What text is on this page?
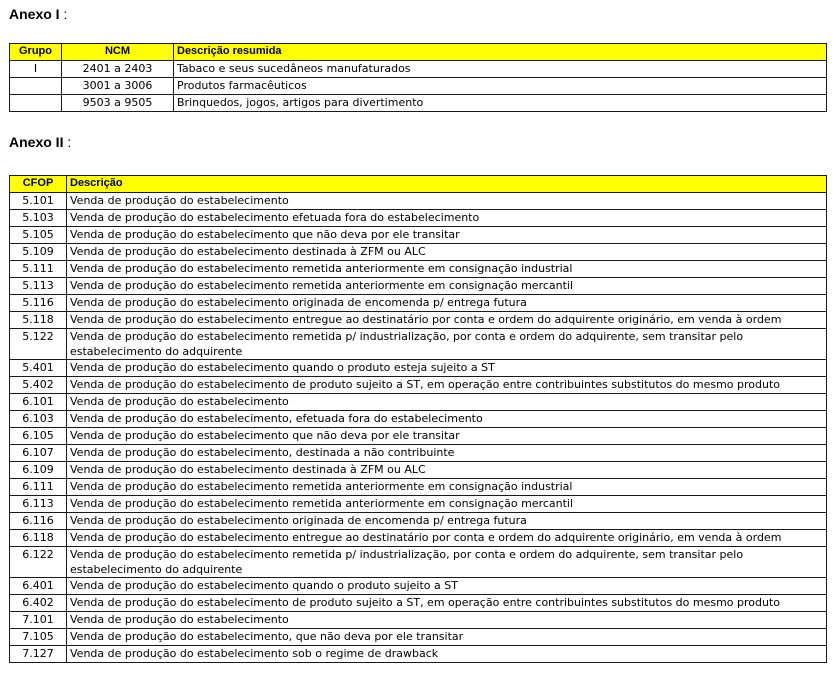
Anexo I :
Grupo	NCM	Descrição resumida
I	2401 a 2403	Tabaco e seus sucedâneos manufaturados
	3001 a 3006	Produtos farmacêuticos
	9503 a 9505	Brinquedos, jogos, artigos para divertimento
Anexo II :
CFOP	Descrição
5.101	Venda de produção do estabelecimento
5.103	Venda de produção do estabelecimento efetuada fora do estabelecimento
5.105	Venda de produção do estabelecimento que não deva por ele transitar
5.109	Venda de produção do estabelecimento destinada à ZFM ou ALC
5.111	Venda de produção do estabelecimento remetida anteriormente em consignação industrial
5.113	Venda de produção do estabelecimento remetida anteriormente em consignação mercantil
5.116	Venda de produção do estabelecimento originada de encomenda p/ entrega futura
5.118	Venda de produção do estabelecimento entregue ao destinatário por conta e ordem do adquirente originário, em venda à ordem
5.122	Venda de produção do estabelecimento remetida p/ industrialização, por conta e ordem do adquirente, sem transitar pelo estabelecimento do adquirente
5.401	Venda de produção do estabelecimento quando o produto esteja sujeito a ST
5.402	Venda de produção do estabelecimento de produto sujeito a ST, em operação entre contribuintes substitutos do mesmo produto
6.101	Venda de produção do estabelecimento
6.103	Venda de produção do estabelecimento, efetuada fora do estabelecimento
6.105	Venda de produção do estabelecimento que não deva por ele transitar
6.107	Venda de produção do estabelecimento, destinada a não contribuinte
6.109	Venda de produção do estabelecimento destinada à ZFM ou ALC
6.111	Venda de produção do estabelecimento remetida anteriormente em consignação industrial
6.113	Venda de produção do estabelecimento remetida anteriormente em consignação mercantil
6.116	Venda de produção do estabelecimento originada de encomenda p/ entrega futura
6.118	Venda de produção do estabelecimento entregue ao destinatário por conta e ordem do adquirente originário, em venda à ordem
6.122	Venda de produção do estabelecimento remetida p/ industrialização, por conta e ordem do adquirente, sem transitar pelo estabelecimento do adquirente
6.401	Venda de produção do estabelecimento quando o produto sujeito a ST
6.402	Venda de produção do estabelecimento de produto sujeito a ST, em operação entre contribuintes substitutos do mesmo produto
7.101	Venda de produção do estabelecimento
7.105	Venda de produção do estabelecimento, que não deva por ele transitar
7.127	Venda de produção do estabelecimento sob o regime de drawback
